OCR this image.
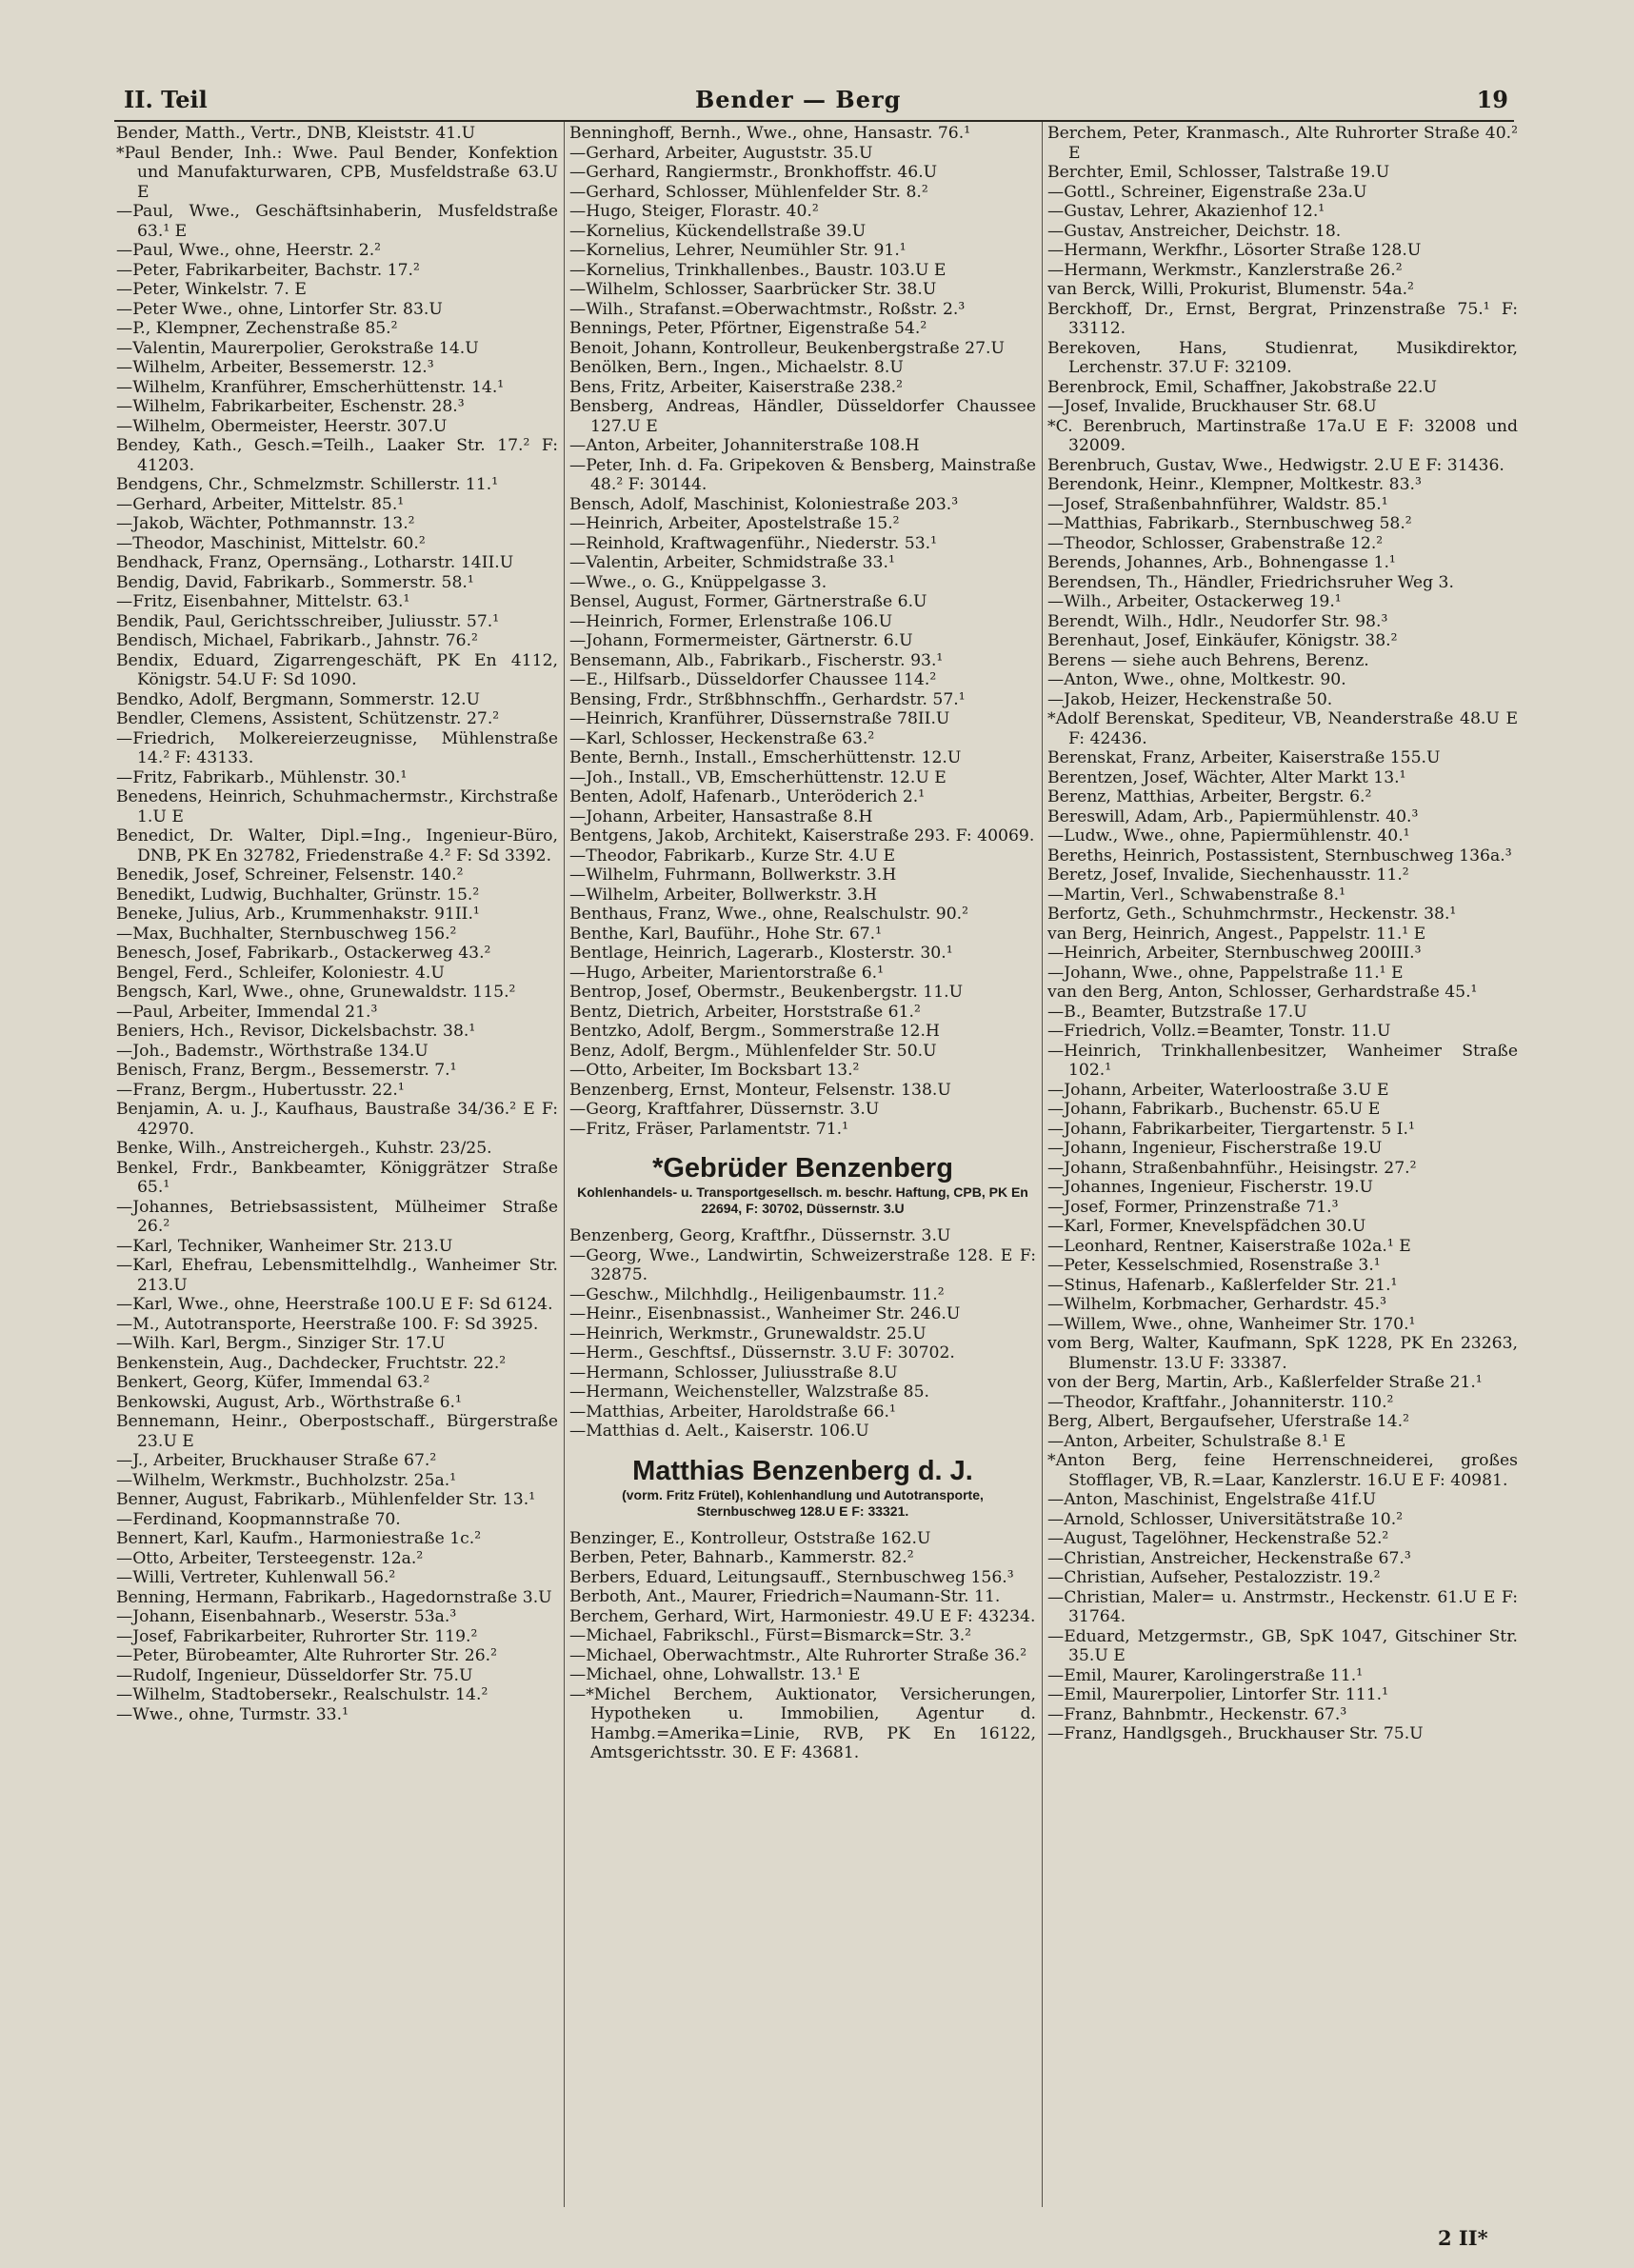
II. Teil	Bender — Berg	19
Bender, Matth., Vertr., DNB, Kleiststr. 41.U
*Paul Bender, Inh.: Wwe. Paul Bender, Konfektion und Manufakturwaren, CPB, Musfeldstraße 63.U E
—Paul, Wwe., Geschäftsinhaberin, Musfeldstraße 63.¹ E
—Paul, Wwe., ohne, Heerstr. 2.²
—Peter, Fabrikarbeiter, Bachstr. 17.²
—Peter, Winkelstr. 7. E
—Peter Wwe., ohne, Lintorfer Str. 83.U
—P., Klempner, Zechenstraße 85.²
—Valentin, Maurerpolier, Gerokstraße 14.U
—Wilhelm, Arbeiter, Bessemerstr. 12.³
—Wilhelm, Kranführer, Emscherhüttenstr. 14.¹
—Wilhelm, Fabrikarbeiter, Eschenstr. 28.³
—Wilhelm, Obermeister, Heerstr. 307.U
Bendey, Kath., Gesch.=Teilh., Laaker Str. 17.² F: 41203.
Bendgens, Chr., Schmelzmstr. Schillerstr. 11.¹
—Gerhard, Arbeiter, Mittelstr. 85.¹
—Jakob, Wächter, Pothmannstr. 13.²
—Theodor, Maschinist, Mittelstr. 60.²
Bendhack, Franz, Opernsäng., Lotharstr. 14II.U
Bendig, David, Fabrikarb., Sommerstr. 58.¹
—Fritz, Eisenbahner, Mittelstr. 63.¹
Bendik, Paul, Gerichtsschreiber, Juliusstr. 57.¹
Bendisch, Michael, Fabrikarb., Jahnstr. 76.²
Bendix, Eduard, Zigarrengeschäft, PK En 4112, Königstr. 54.U F: Sd 1090.
Bendko, Adolf, Bergmann, Sommerstr. 12.U
Bendler, Clemens, Assistent, Schützenstr. 27.²
—Friedrich, Molkereierzeugnisse, Mühlenstraße 14.² F: 43133.
—Fritz, Fabrikarb., Mühlenstr. 30.¹
Benedens, Heinrich, Schuhmachermstr., Kirchstraße 1.U E
Benedict, Dr. Walter, Dipl.=Ing., Ingenieur-Büro, DNB, PK En 32782, Friedenstraße 4.² F: Sd 3392.
Benedik, Josef, Schreiner, Felsenstr. 140.²
Benedikt, Ludwig, Buchhalter, Grünstr. 15.²
Beneke, Julius, Arb., Krummenhakstr. 91II.¹
—Max, Buchhalter, Sternbuschweg 156.²
Benesch, Josef, Fabrikarb., Ostackerweg 43.²
Bengel, Ferd., Schleifer, Koloniestr. 4.U
Bengsch, Karl, Wwe., ohne, Grunewaldstr. 115.²
—Paul, Arbeiter, Immendal 21.³
Beniers, Hch., Revisor, Dickelsbachstr. 38.¹
—Joh., Bademstr., Wörthstraße 134.U
Benisch, Franz, Bergm., Bessemerstr. 7.¹
—Franz, Bergm., Hubertusstr. 22.¹
Benjamin, A. u. J., Kaufhaus, Baustraße 34/36.² E F: 42970.
Benke, Wilh., Anstreichergeh., Kuhstr. 23/25.
Benkel, Frdr., Bankbeamter, Königgrätzer Straße 65.¹
—Johannes, Betriebsassistent, Mülheimer Straße 26.²
—Karl, Techniker, Wanheimer Str. 213.U
—Karl, Ehefrau, Lebensmittelhdlg., Wanheimer Str. 213.U
—Karl, Wwe., ohne, Heerstraße 100.U E F: Sd 6124.
—M., Autotransporte, Heerstraße 100. F: Sd 3925.
—Wilh. Karl, Bergm., Sinziger Str. 17.U
Benkenstein, Aug., Dachdecker, Fruchtstr. 22.²
Benkert, Georg, Küfer, Immendal 63.²
Benkowski, August, Arb., Wörthstraße 6.¹
Bennemann, Heinr., Oberpostschaff., Bürgerstraße 23.U E
—J., Arbeiter, Bruckhauser Straße 67.²
—Wilhelm, Werkmstr., Buchholzstr. 25a.¹
Benner, August, Fabrikarb., Mühlenfelder Str. 13.¹
—Ferdinand, Koopmannstraße 70.
Bennert, Karl, Kaufm., Harmoniestraße 1c.²
—Otto, Arbeiter, Tersteegenstr. 12a.²
—Willi, Vertreter, Kuhlenwall 56.²
Benning, Hermann, Fabrikarb., Hagedornstraße 3.U
—Johann, Eisenbahnarb., Weserstr. 53a.³
—Josef, Fabrikarbeiter, Ruhrorter Str. 119.²
—Peter, Bürobeamter, Alte Ruhrorter Str. 26.²
—Rudolf, Ingenieur, Düsseldorfer Str. 75.U
—Wilhelm, Stadtobersekr., Realschulstr. 14.²
—Wwe., ohne, Turmstr. 33.¹
Benninghoff, Bernh., Wwe., ohne, Hansastr. 76.¹
—Gerhard, Arbeiter, Auguststr. 35.U
—Gerhard, Rangiermstr., Bronkhoffstr. 46.U
—Gerhard, Schlosser, Mühlenfelder Str. 8.²
—Hugo, Steiger, Florastr. 40.²
—Kornelius, Kückendellstraße 39.U
—Kornelius, Lehrer, Neumühler Str. 91.¹
—Kornelius, Trinkhallenbes., Baustr. 103.U E
—Wilhelm, Schlosser, Saarbrücker Str. 38.U
—Wilh., Strafanst.=Oberwachtmstr., Roßstr. 2.³
Bennings, Peter, Pförtner, Eigenstraße 54.²
Benoit, Johann, Kontrolleur, Beukenbergstraße 27.U
Benölken, Bern., Ingen., Michaelstr. 8.U
Bens, Fritz, Arbeiter, Kaiserstraße 238.²
Bensberg, Andreas, Händler, Düsseldorfer Chaussee 127.U E
—Anton, Arbeiter, Johanniterstraße 108.H
—Peter, Inh. d. Fa. Gripekoven & Bensberg, Mainstraße 48.² F: 30144.
Bensch, Adolf, Maschinist, Koloniestraße 203.³
—Heinrich, Arbeiter, Apostelstraße 15.²
—Reinhold, Kraftwagenführ., Niederstr. 53.¹
—Valentin, Arbeiter, Schmidstraße 33.¹
—Wwe., o. G., Knüppelgasse 3.
Bensel, August, Former, Gärtnerstraße 6.U
—Heinrich, Former, Erlenstraße 106.U
—Johann, Formermeister, Gärtnerstr. 6.U
Bensemann, Alb., Fabrikarb., Fischerstr. 93.¹
—E., Hilfsarb., Düsseldorfer Chaussee 114.²
Bensing, Frdr., Strßbhnschffn., Gerhardstr. 57.¹
—Heinrich, Kranführer, Düssernstraße 78II.U
—Karl, Schlosser, Heckenstraße 63.²
Bente, Bernh., Install., Emscherhüttenstr. 12.U
—Joh., Install., VB, Emscherhüttenstr. 12.U E
Benten, Adolf, Hafenarb., Unteröderich 2.¹
—Johann, Arbeiter, Hansastraße 8.H
Bentgens, Jakob, Architekt, Kaiserstraße 293. F: 40069.
—Theodor, Fabrikarb., Kurze Str. 4.U E
—Wilhelm, Fuhrmann, Bollwerkstr. 3.H
—Wilhelm, Arbeiter, Bollwerkstr. 3.H
Benthaus, Franz, Wwe., ohne, Realschulstr. 90.²
Benthe, Karl, Bauführ., Hohe Str. 67.¹
Bentlage, Heinrich, Lagerarb., Klosterstr. 30.¹
—Hugo, Arbeiter, Marientorstraße 6.¹
Bentrop, Josef, Obermstr., Beukenbergstr. 11.U
Bentz, Dietrich, Arbeiter, Horststraße 61.²
Bentzko, Adolf, Bergm., Sommerstraße 12.H
Benz, Adolf, Bergm., Mühlenfelder Str. 50.U
—Otto, Arbeiter, Im Bocksbart 13.²
Benzenberg, Ernst, Monteur, Felsenstr. 138.U
—Georg, Kraftfahrer, Düssernstr. 3.U
—Fritz, Fräser, Parlamentstr. 71.¹
*Gebrüder Benzenberg
Kohlenhandels- u. Transportgesellsch. m. beschr. Haftung, CPB, PK En 22694, F: 30702, Düssernstr. 3.U
Benzenberg, Georg, Kraftfhr., Düssernstr. 3.U
—Georg, Wwe., Landwirtin, Schweizerstraße 128. E F: 32875.
—Geschw., Milchhdlg., Heiligenbaumstr. 11.²
—Heinr., Eisenbnassist., Wanheimer Str. 246.U
—Heinrich, Werkmstr., Grunewaldstr. 25.U
—Herm., Geschftsf., Düssernstr. 3.U F: 30702.
—Hermann, Schlosser, Juliusstraße 8.U
—Hermann, Weichensteller, Walzstraße 85.
—Matthias, Arbeiter, Haroldstraße 66.¹
—Matthias d. Aelt., Kaiserstr. 106.U
Matthias Benzenberg d. J.
(vorm. Fritz Frütel), Kohlenhandlung und Autotransporte, Sternbuschweg 128.U E F: 33321.
Benzinger, E., Kontrolleur, Oststraße 162.U
Berben, Peter, Bahnarb., Kammerstr. 82.²
Berbers, Eduard, Leitungsauff., Sternbuschweg 156.³
Berboth, Ant., Maurer, Friedrich=Naumann-Str. 11.
Berchem, Gerhard, Wirt, Harmoniestr. 49.U E F: 43234.
—Michael, Fabrikschl., Fürst=Bismarck=Str. 3.²
—Michael, Oberwachtmstr., Alte Ruhrorter Straße 36.²
—Michael, ohne, Lohwallstr. 13.¹ E
—*Michel Berchem, Auktionator, Versicherungen, Hypotheken u. Immobilien, Agentur d. Hambg.=Amerika=Linie, RVB, PK En 16122, Amtsgerichtsstr. 30. E F: 43681.
Berchem, Peter, Kranmasch., Alte Ruhrorter Straße 40.² E
Berchter, Emil, Schlosser, Talstraße 19.U
—Gottl., Schreiner, Eigenstraße 23a.U
—Gustav, Lehrer, Akazienhof 12.¹
—Gustav, Anstreicher, Deichstr. 18.
—Hermann, Werkfhr., Lösorter Straße 128.U
—Hermann, Werkmstr., Kanzlerstraße 26.²
van Berck, Willi, Prokurist, Blumenstr. 54a.²
Berckhoff, Dr., Ernst, Bergrat, Prinzenstraße 75.¹ F: 33112.
Berekoven, Hans, Studienrat, Musikdirektor, Lerchenstr. 37.U F: 32109.
Berenbrock, Emil, Schaffner, Jakobstraße 22.U
—Josef, Invalide, Bruckhauser Str. 68.U
*C. Berenbruch, Martinstraße 17a.U E F: 32008 und 32009.
Berenbruch, Gustav, Wwe., Hedwigstr. 2.U E F: 31436.
Berendonk, Heinr., Klempner, Moltkestr. 83.³
—Josef, Straßenbahnführer, Waldstr. 85.¹
—Matthias, Fabrikarb., Sternbuschweg 58.²
—Theodor, Schlosser, Grabenstraße 12.²
Berends, Johannes, Arb., Bohnengasse 1.¹
Berendsen, Th., Händler, Friedrichsruher Weg 3.
—Wilh., Arbeiter, Ostackerweg 19.¹
Berendt, Wilh., Hdlr., Neudorfer Str. 98.³
Berenhaut, Josef, Einkäufer, Königstr. 38.²
Berens — siehe auch Behrens, Berenz.
—Anton, Wwe., ohne, Moltkestr. 90.
—Jakob, Heizer, Heckenstraße 50.
*Adolf Berenskat, Spediteur, VB, Neanderstraße 48.U E F: 42436.
Berenskat, Franz, Arbeiter, Kaiserstraße 155.U
Berentzen, Josef, Wächter, Alter Markt 13.¹
Berenz, Matthias, Arbeiter, Bergstr. 6.²
Bereswill, Adam, Arb., Papiermühlenstr. 40.³
—Ludw., Wwe., ohne, Papiermühlenstr. 40.¹
Bereths, Heinrich, Postassistent, Sternbuschweg 136a.³
Beretz, Josef, Invalide, Siechenhausstr. 11.²
—Martin, Verl., Schwabenstraße 8.¹
Berfortz, Geth., Schuhmchrmstr., Heckenstr. 38.¹
van Berg, Heinrich, Angest., Pappelstr. 11.¹ E
—Heinrich, Arbeiter, Sternbuschweg 200III.³
—Johann, Wwe., ohne, Pappelstraße 11.¹ E
van den Berg, Anton, Schlosser, Gerhardstraße 45.¹
—B., Beamter, Butzstraße 17.U
—Friedrich, Vollz.=Beamter, Tonstr. 11.U
—Heinrich, Trinkhallenbesitzer, Wanheimer Straße 102.¹
—Johann, Arbeiter, Waterloostraße 3.U E
—Johann, Fabrikarb., Buchenstr. 65.U E
—Johann, Fabrikarbeiter, Tiergartenstr. 5 I.¹
—Johann, Ingenieur, Fischerstraße 19.U
—Johann, Straßenbahnführ., Heisingstr. 27.²
—Johannes, Ingenieur, Fischerstr. 19.U
—Josef, Former, Prinzenstraße 71.³
—Karl, Former, Knevelspfädchen 30.U
—Leonhard, Rentner, Kaiserstraße 102a.¹ E
—Peter, Kesselschmied, Rosenstraße 3.¹
—Stinus, Hafenarb., Kaßlerfelder Str. 21.¹
—Wilhelm, Korbmacher, Gerhardstr. 45.³
—Willem, Wwe., ohne, Wanheimer Str. 170.¹
vom Berg, Walter, Kaufmann, SpK 1228, PK En 23263, Blumenstr. 13.U F: 33387.
von der Berg, Martin, Arb., Kaßlerfelder Straße 21.¹
—Theodor, Kraftfahr., Johanniterstr. 110.²
Berg, Albert, Bergaufseher, Uferstraße 14.²
—Anton, Arbeiter, Schulstraße 8.¹ E
*Anton Berg, feine Herrenschneiderei, großes Stofflager, VB, R.=Laar, Kanzlerstr. 16.U E F: 40981.
—Anton, Maschinist, Engelstraße 41f.U
—Arnold, Schlosser, Universitätstraße 10.²
—August, Tagelöhner, Heckenstraße 52.²
—Christian, Anstreicher, Heckenstraße 67.³
—Christian, Aufseher, Pestalozzistr. 19.²
—Christian, Maler= u. Anstrmstr., Heckenstr. 61.U E F: 31764.
—Eduard, Metzgermstr., GB, SpK 1047, Gitschiner Str. 35.U E
—Emil, Maurer, Karolingerstraße 11.¹
—Emil, Maurerpolier, Lintorfer Str. 111.¹
—Franz, Bahnbmtr., Heckenstr. 67.³
—Franz, Handlgsgeh., Bruckhauser Str. 75.U
2 II*
